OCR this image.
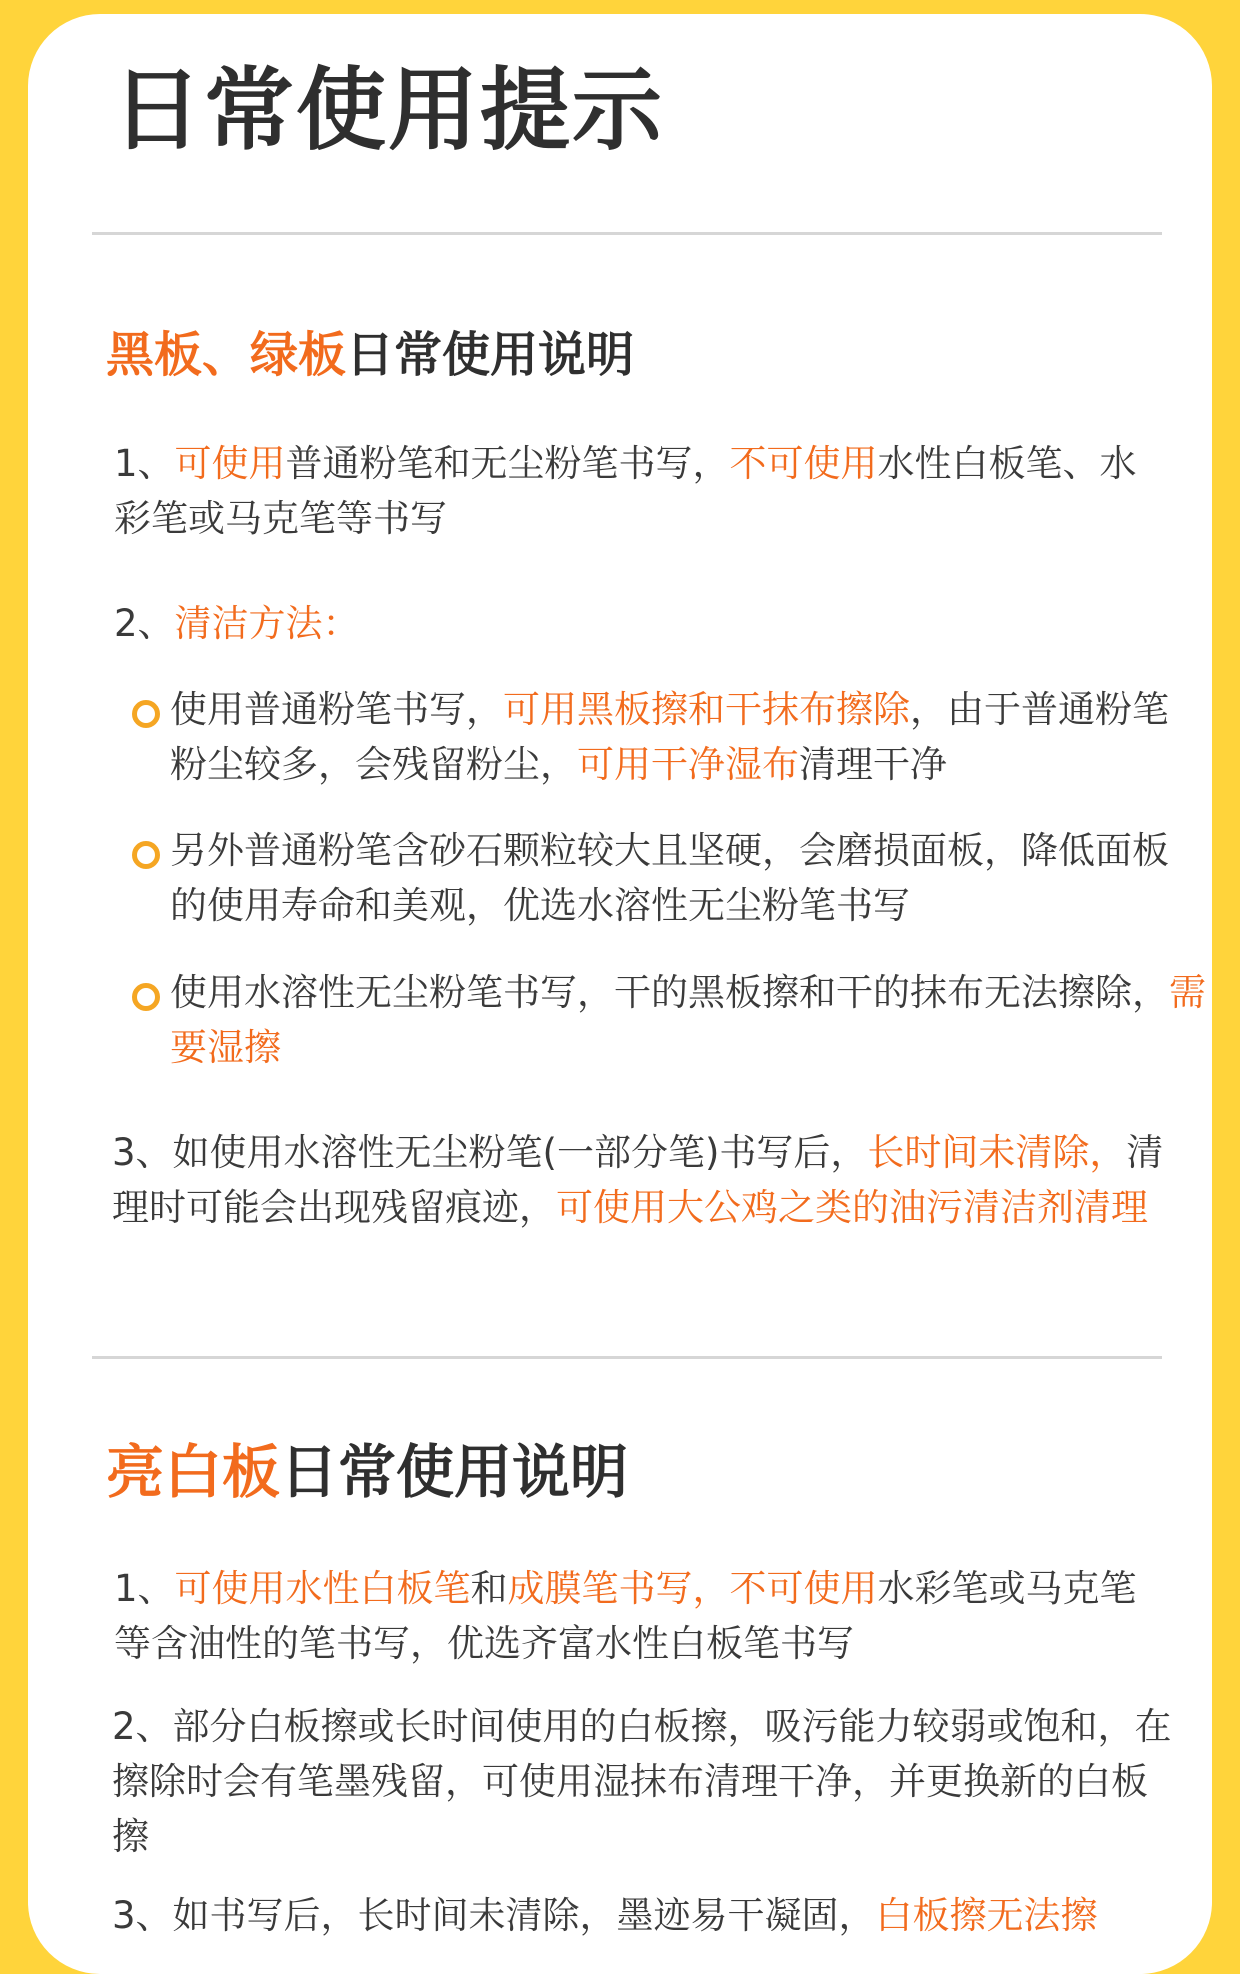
日常使用提示
黑板、绿板日常使用说明

1、可使用普通粉笔和无尘粉笔书写，不可使用水性白板笔、水彩笔或马克笔等书写

2、清洁方法：

使用普通粉笔书写，可用黑板擦和干抹布擦除，由于普通粉笔粉尘较多，会残留粉尘，可用干净湿布清理干净

另外普通粉笔含砂石颗粒较大且坚硬，会磨损面板，降低面板的使用寿命和美观，优选水溶性无尘粉笔书写

使用水溶性无尘粉笔书写，干的黑板擦和干的抹布无法擦除，需要湿擦

3、如使用水溶性无尘粉笔(一部分笔)书写后，长时间未清除，清理时可能会出现残留痕迹，可使用大公鸡之类的油污清洁剂清理

亮白板日常使用说明

1、可使用水性白板笔和成膜笔书写，不可使用水彩笔或马克笔等含油性的笔书写，优选齐富水性白板笔书写

2、部分白板擦或长时间使用的白板擦，吸污能力较弱或饱和，在擦除时会有笔墨残留，可使用湿抹布清理干净，并更换新的白板擦

3、如书写后，长时间未清除，墨迹易干凝固，白板擦无法擦
